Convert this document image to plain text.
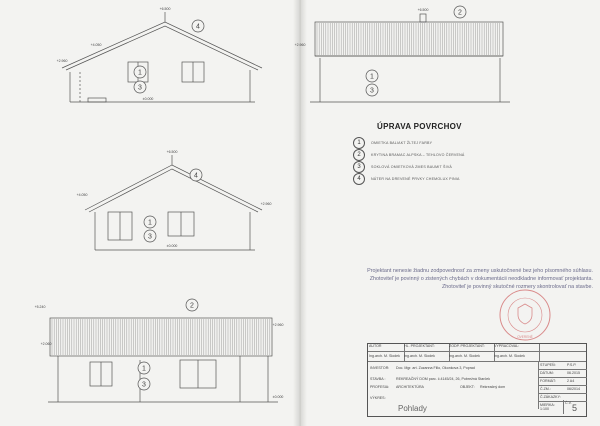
4
1
3
2
1
3
4
1
3
2
1
3
+6.500
+4.050
+2.960
±0.000
+6.500
+2.960
+6.500
+4.050
+2.960
±0.000
+5.240
+2.960
+2.060
±0.000
ÚPRAVA POVRCHOV
1	OMIETKA BALIAKT ŽLTEJ FARBY
2	KRYTINA BRAMAC ALPSKA – TEHLOVO ČERVENÁ
3	SOKLOVÁ OMIETKOVÁ ZMES BAUMIT ŠIVÁ
4	NÁTER NA DREVENÉ PRVKY CHEMOLUX PINIA
Projektant nenesie žiadnu zodpovednosť za zmeny uskutočnené bez jeho písomného súhlasu.
Zhotoviteľ je povinný o zistených chybách v dokumentácii neodkladne informovať projektanta.
Zhotoviteľ je povinný skutočné rozmery skontrolovať na stavbe.
OVERENÉ
AUTOR	HL. PROJEKTANT:	ZODP. PROJEKTANT:	VYPRACOVAL:
Ing.arch. M. Slodek	Ing.arch. M. Slodek	Ing.arch. M. Slodek	Ing.arch. M. Slodek
INVESTOR: Doc. Mgr. art. Zuzanna Fillo, Okonkova 3, Poprad
STAVBA :	REKREAČNÝ DOM parc. č.4145/24, 26, Pobrežná Starček
PROFESIA: ARCHITEKTÚRA	OBJEKT: Rekreačný dom
VÝKRES:
Pohlady
STUPEŇ:	P.S.P.
DÁTUM:	06.2015
FORMÁT:	2 A4
Č.ZM.:	06/2014
Č.ZÁKAZKY:
MIERKA:
1:100
Č.V. 5
